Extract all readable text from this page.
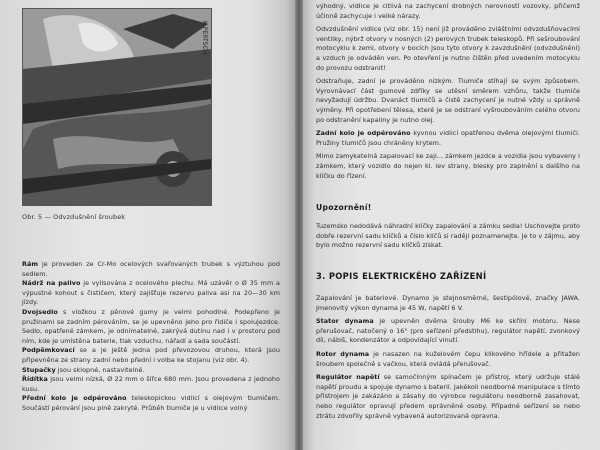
K.PERTSCH
Obr. 5 — Odvzdušnění šroubek

Rám je proveden ze Cr-Mo ocelových svařovaných trubek s výztuhou pod sedlem.

Nádrž na palivo je vylisována z ocelového plechu. Má uzávěr o Ø 35 mm a výpustné kohout s čističem, který zajišťuje rezervu paliva asi na 20—30 km jízdy.

Dvojsedlo s vložkou z pěnové gumy je velmi pohodlné. Podepřeno je pružinami se zadním pérováním, se je upevněno jeho pro řidiče i spolujezdce. Sedlo, opatřené zámkem, je odnímatelné, zakrývá dutinu nad i v prostoru pod ním, kde je umístěna baterie, tlak vzduchu, nářadí a sada součástí.

Podpěmkovací se a je ještě jedna pod převozovou druhou, která jsou připevněna ze strany zadní nebo přední i volba ke stojanu (viz obr. 4).

Stupačky jsou sklopné, nastavitelné.

Řídítka jsou velmi nízká, Ø 22 mm o šířce 680 mm. Jsou provedena z jednoho kusu.

Přední kolo je odpérováno teleskopickou vidlicí s olejovým tlumičem. Součástí pérování jsou plně zakryté. Průběh tlumiče je u vidlice volný

výhodný, vidlice je citlivá na zachycení drobných nerovností vozovky, přičemž účinně zachycuje i velké nárazy.

Odvzdušnění vidlice (viz obr. 15) není již prováděno zvláštními odvzdušňovacími ventilky, nýbrž otvory v nosných (2) perových trubek teleskopů. Při sešroubování motocyklu k zemi, otvory v bocích jsou tyto otvory k zavzdušnění (odvzdušnění) a vzduch je odváděn ven. Po otevření je nutno čištěn před uvedením motocyklu do provozu odstranit!

Odstraňuje, zadní je prováděno nízkým. Tlumiče stíhají se svým způsobem. Vyrovnávací část gumové zdříky se utěsní směrem vzhůru, takže tlumiče nevyžadují údržbu. Dvanáct tlumičů a čistě zachycení je nutné vždy u správně výměny. Při opotřebení tělesa, které je se odstraní vyšroubováním celého otvoru po odstranění kapaliny je nutno olej.

Zadní kolo je odpérováno kyvnou vidlicí opatřenou dvěma olejovými tlumiči. Pružiny tlumičů jsou chráněny krytem.

Mimo zamykatelná zapalovací ke zaji... zámkem jezdce a vozidla jsou vybaveny i zámkem, který vozidlo do nejen kl. lev strany, blesky pro zaplnění s dalšího na klíčku do řízení.

Upozornění!
Tuzemsko nedodává náhradní klíčky zapalování a zámku sedla! Uschovejte proto dobře rezervní sadu klíčků a číslo klíčů si raději poznamenejte. Je to v zájmu, aby bylo možno rezervní sadu klíčků získat.
3. POPIS ELEKTRICKÉHO ZAŘÍZENÍ

Zapalování je bateriové. Dynamo je stejnosměrné, šestipólové, značky JAWA. Jmenovitý výkon dynama je 45 W, napětí 6 V.

Stator dynama je upevněn dvěma šrouby M6 ke skříni motoru. Nese přerušovač, natočený o 16° (pro seřízení předstihu), regulátor napětí, zvonkový díl, nábiš, kondenzátor a odpovídající vinutí.

Rotor dynama je nasazen na kuželovém čepu klikového hřídele a přitažen šroubem společně s vačkou, která ovládá přerušovač.

Regulátor napětí se samočinným spínačem je přístroj, který udržuje stálé napětí proudu a spojuje dynamo s baterií. Jakékoli neodborné manipulace s tímto přístrojem je zakázáno a zásahy do výrobce regulátoru neodborně zasahovat, nebo regulátor opravují předem oprávněné osoby. Případné seřízení se nebo ztrátu zdvořily správně vybavená autorizovaná opravna.
